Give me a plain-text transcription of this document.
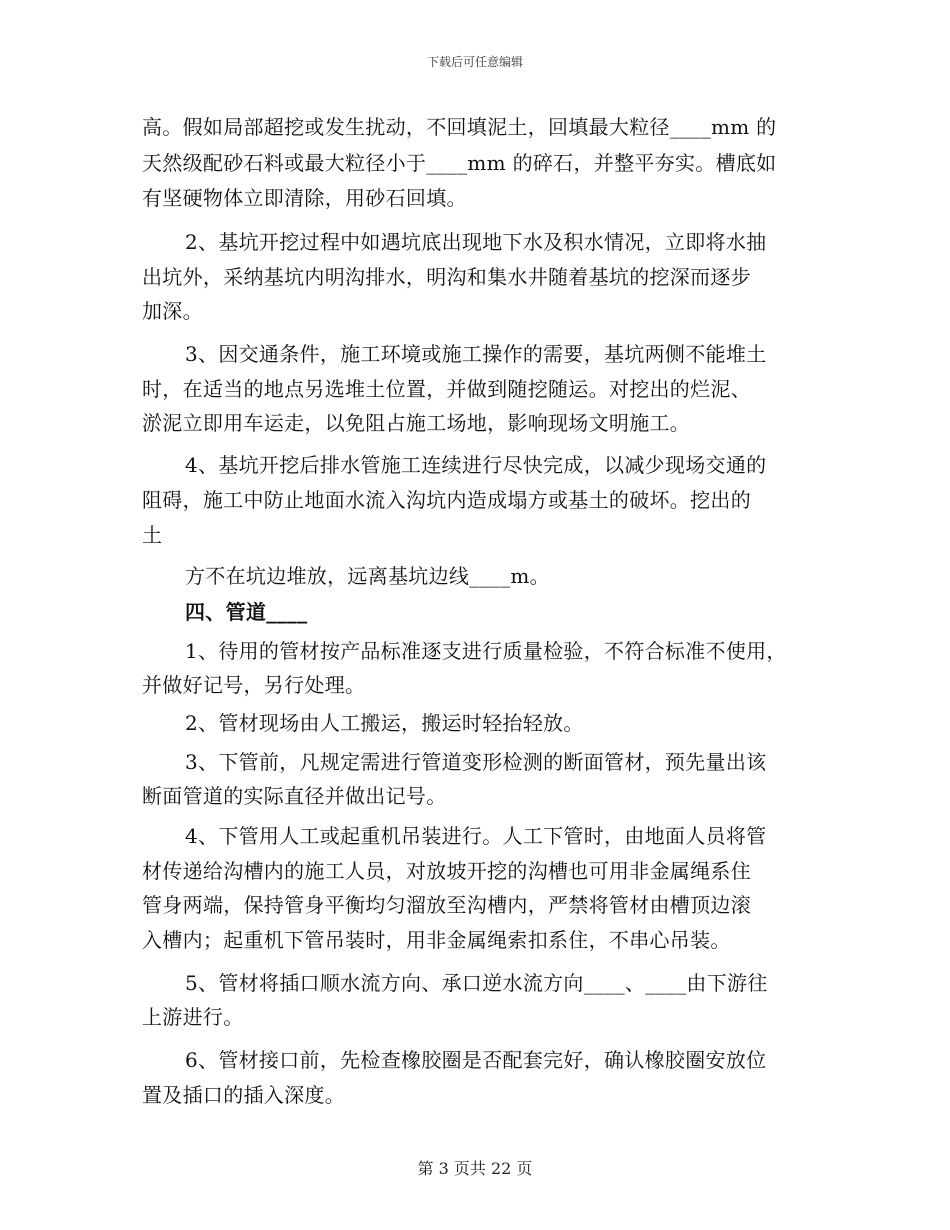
下载后可任意编辑
高。假如局部超挖或发生扰动，不回填泥土，回填最大粒径____mm 的
天然级配砂石料或最大粒径小于____mm 的碎石，并整平夯实。槽底如
有坚硬物体立即清除，用砂石回填。
2、基坑开挖过程中如遇坑底出现地下水及积水情况，立即将水抽
出坑外，采纳基坑内明沟排水，明沟和集水井随着基坑的挖深而逐步
加深。
3、因交通条件，施工环境或施工操作的需要，基坑两侧不能堆土
时，在适当的地点另选堆土位置，并做到随挖随运。对挖出的烂泥、
淤泥立即用车运走，以免阻占施工场地，影响现场文明施工。
4、基坑开挖后排水管施工连续进行尽快完成，以减少现场交通的
阻碍，施工中防止地面水流入沟坑内造成塌方或基土的破坏。挖出的
土
方不在坑边堆放，远离基坑边线____m。
四、管道____
1、待用的管材按产品标准逐支进行质量检验，不符合标准不使用，
并做好记号，另行处理。
2、管材现场由人工搬运，搬运时轻抬轻放。
3、下管前，凡规定需进行管道变形检测的断面管材，预先量出该
断面管道的实际直径并做出记号。
4、下管用人工或起重机吊装进行。人工下管时，由地面人员将管
材传递给沟槽内的施工人员，对放坡开挖的沟槽也可用非金属绳系住
管身两端，保持管身平衡均匀溜放至沟槽内，严禁将管材由槽顶边滚
入槽内；起重机下管吊装时，用非金属绳索扣系住，不串心吊装。
5、管材将插口顺水流方向、承口逆水流方向____、____由下游往
上游进行。
6、管材接口前，先检查橡胶圈是否配套完好，确认橡胶圈安放位
置及插口的插入深度。
第 3 页共 22 页
